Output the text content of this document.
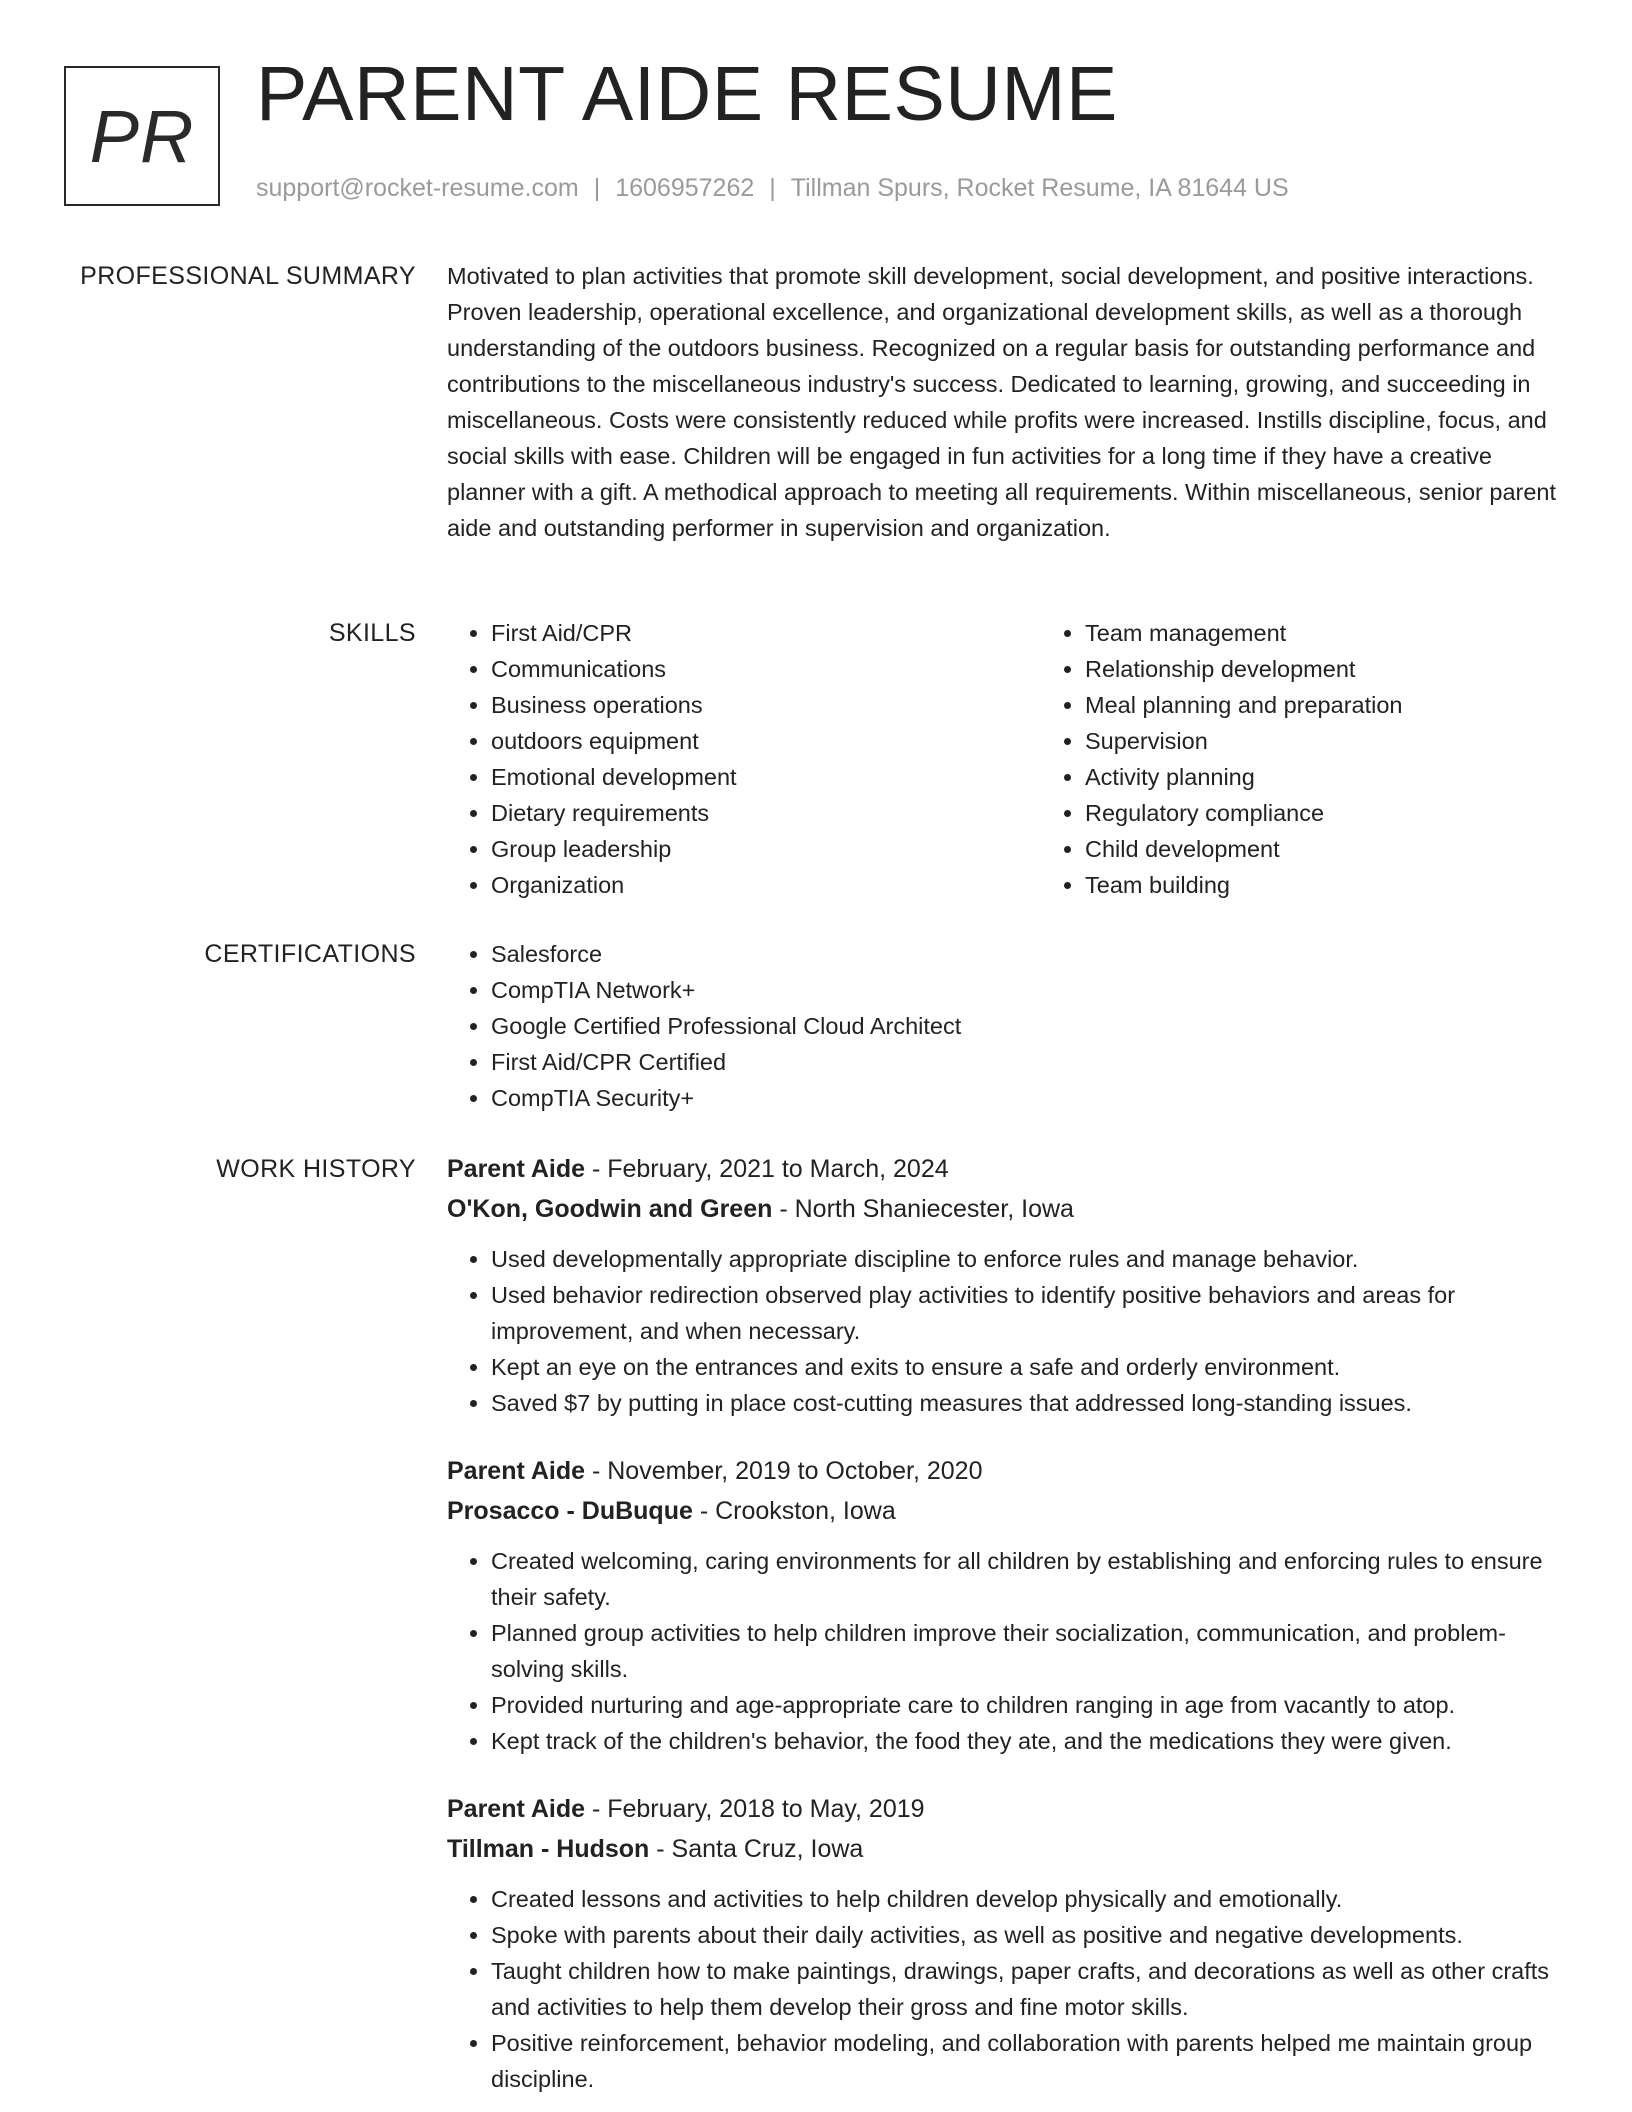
PR PARENT AIDE RESUME
support@rocket-resume.com | 1606957262 | Tillman Spurs, Rocket Resume, IA 81644 US
PROFESSIONAL SUMMARY Motivated to plan activities that promote skill development, social development, and positive interactions. Proven leadership, operational excellence, and organizational development skills, as well as a thorough understanding of the outdoors business. Recognized on a regular basis for outstanding performance and contributions to the miscellaneous industry's success. Dedicated to learning, growing, and succeeding in miscellaneous. Costs were consistently reduced while profits were increased. Instills discipline, focus, and social skills with ease. Children will be engaged in fun activities for a long time if they have a creative planner with a gift. A methodical approach to meeting all requirements. Within miscellaneous, senior parent aide and outstanding performer in supervision and organization.

SKILLS	• First Aid/CPR
• Communications
• Business operations
• outdoors equipment
• Emotional development
• Dietary requirements
• Group leadership
• Organization
• Team management
• Relationship development
• Meal planning and preparation
• Supervision
• Activity planning
• Regulatory compliance
• Child development
• Team building
CERTIFICATIONS	• Salesforce
• CompTIA Network+
• Google Certified Professional Cloud Architect
• First Aid/CPR Certified
• CompTIA Security+
WORK HISTORY Parent Aide - February, 2021 to March, 2024
O'Kon, Goodwin and Green - North Shaniecester, Iowa
• Used developmentally appropriate discipline to enforce rules and manage behavior.
• Used behavior redirection observed play activities to identify positive behaviors and areas for improvement, and when necessary.
• Kept an eye on the entrances and exits to ensure a safe and orderly environment.
• Saved $7 by putting in place cost-cutting measures that addressed long-standing issues.
Parent Aide - November, 2019 to October, 2020
Prosacco - DuBuque - Crookston, Iowa
• Created welcoming, caring environments for all children by establishing and enforcing rules to ensure their safety.
• Planned group activities to help children improve their socialization, communication, and problem-solving skills.
• Provided nurturing and age-appropriate care to children ranging in age from vacantly to atop.
• Kept track of the children's behavior, the food they ate, and the medications they were given.
Parent Aide - February, 2018 to May, 2019
Tillman - Hudson - Santa Cruz, Iowa
• Created lessons and activities to help children develop physically and emotionally.
• Spoke with parents about their daily activities, as well as positive and negative developments.
• Taught children how to make paintings, drawings, paper crafts, and decorations as well as other crafts and activities to help them develop their gross and fine motor skills.
• Positive reinforcement, behavior modeling, and collaboration with parents helped me maintain group discipline.
